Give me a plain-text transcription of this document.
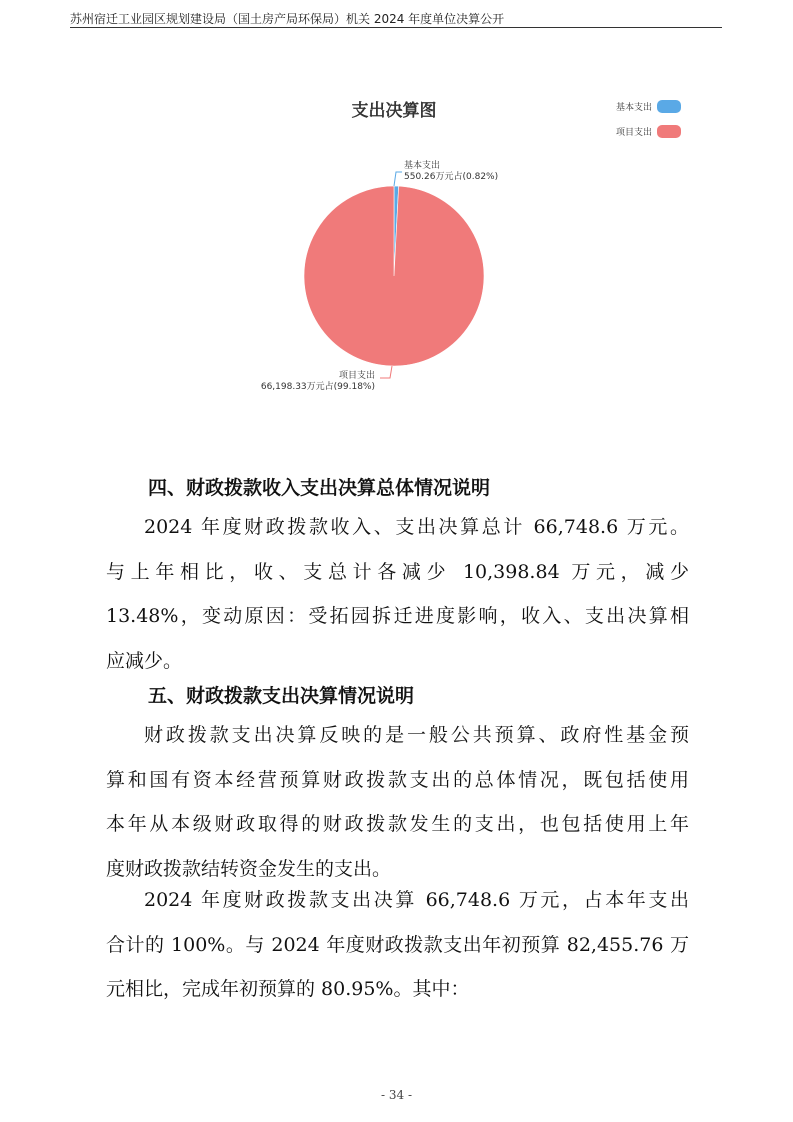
苏州宿迁工业园区规划建设局（国土房产局环保局）机关 2024 年度单位决算公开
支出决算图	基本支出
项目支出
基本支出
550.26万元占(0.82%)
项目支出
66,198.33万元占(99.18%)
四、财政拨款收入支出决算总体情况说明
2024 年度财政拨款收入、支出决算总计 66,748.6 万元。
与上年相比，收、支总计各减少 10,398.84 万元，减少
13.48%，变动原因：受拓园拆迁进度影响，收入、支出决算相
应减少。
五、财政拨款支出决算情况说明
财政拨款支出决算反映的是一般公共预算、政府性基金预
算和国有资本经营预算财政拨款支出的总体情况，既包括使用
本年从本级财政取得的财政拨款发生的支出，也包括使用上年
度财政拨款结转资金发生的支出。
2024 年度财政拨款支出决算 66,748.6 万元，占本年支出
合计的 100%。与 2024 年度财政拨款支出年初预算 82,455.76 万
元相比，完成年初预算的 80.95%。其中：
- 34 -
